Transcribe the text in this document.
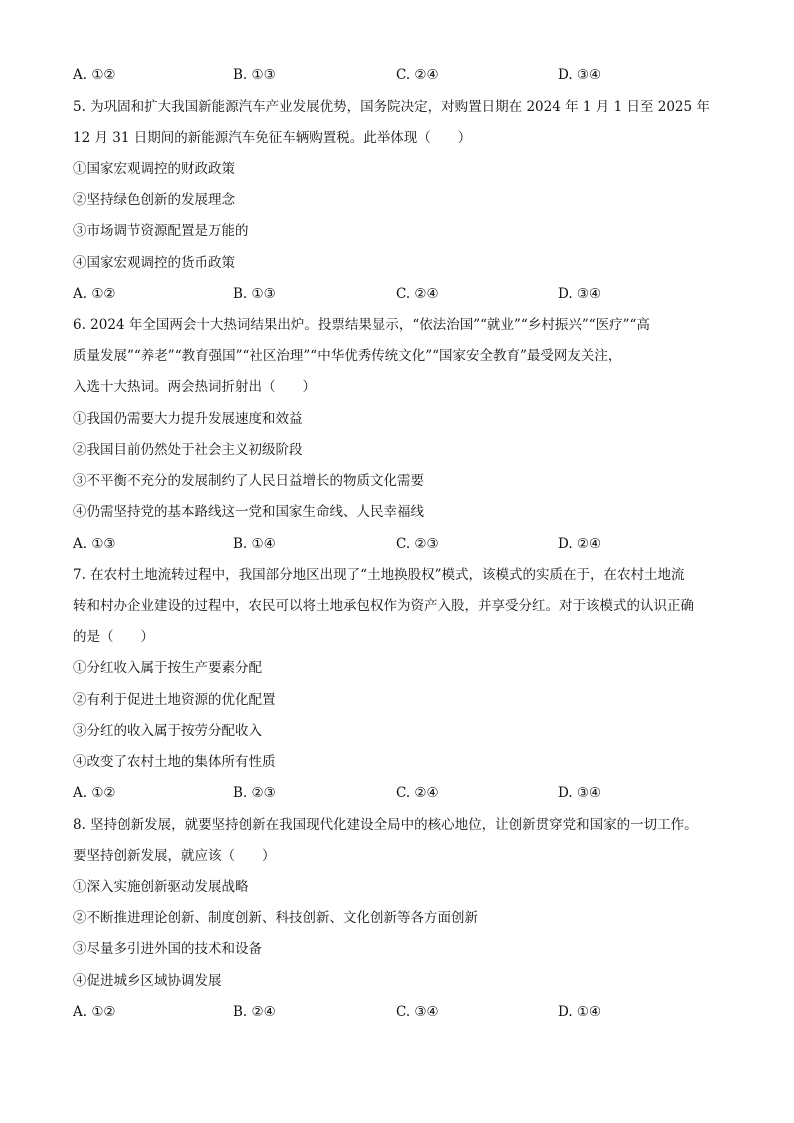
A. ①②	B. ①③	C. ②④	D. ③④
5. 为巩固和扩大我国新能源汽车产业发展优势，国务院决定，对购置日期在 2024 年 1 月 1 日至 2025 年
12 月 31 日期间的新能源汽车免征车辆购置税。此举体现（　　）
①国家宏观调控的财政政策
②坚持绿色创新的发展理念
③市场调节资源配置是万能的
④国家宏观调控的货币政策
A. ①②	B. ①③	C. ②④	D. ③④
6. 2024 年全国两会十大热词结果出炉。投票结果显示，“依法治国”“就业”“乡村振兴”“医疗”“高
质量发展”“养老”“教育强国”“社区治理”“中华优秀传统文化”“国家安全教育”最受网友关注，
入选十大热词。两会热词折射出（　　）
①我国仍需要大力提升发展速度和效益
②我国目前仍然处于社会主义初级阶段
③不平衡不充分的发展制约了人民日益增长的物质文化需要
④仍需坚持党的基本路线这一党和国家生命线、人民幸福线
A. ①③	B. ①④	C. ②③	D. ②④
7. 在农村土地流转过程中，我国部分地区出现了“土地换股权”模式，该模式的实质在于，在农村土地流
转和村办企业建设的过程中，农民可以将土地承包权作为资产入股，并享受分红。对于该模式的认识正确
的是（　　）
①分红收入属于按生产要素分配
②有利于促进土地资源的优化配置
③分红的收入属于按劳分配收入
④改变了农村土地的集体所有性质
A. ①②	B. ②③	C. ②④	D. ③④
8. 坚持创新发展，就要坚持创新在我国现代化建设全局中的核心地位，让创新贯穿党和国家的一切工作。
要坚持创新发展，就应该（　　）
①深入实施创新驱动发展战略
②不断推进理论创新、制度创新、科技创新、文化创新等各方面创新
③尽量多引进外国的技术和设备
④促进城乡区域协调发展
A. ①②	B. ②④	C. ③④	D. ①④
